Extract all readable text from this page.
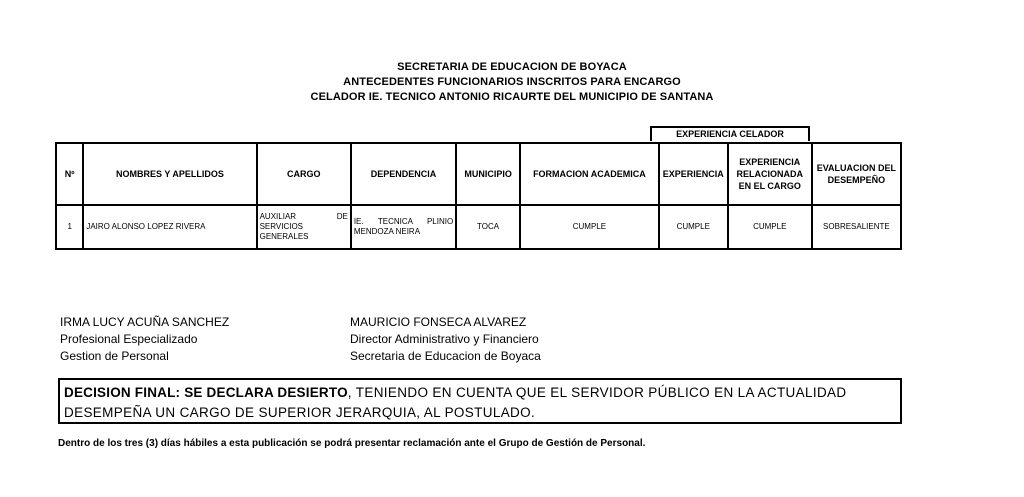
SECRETARIA DE EDUCACION DE BOYACA
ANTECEDENTES FUNCIONARIOS INSCRITOS PARA ENCARGO
CELADOR IE. TECNICO ANTONIO RICAURTE DEL MUNICIPIO DE SANTANA
EXPERIENCIA CELADOR
Nº	NOMBRES Y APELLIDOS	CARGO	DEPENDENCIA	MUNICIPIO	FORMACION ACADEMICA	EXPERIENCIA	EXPERIENCIA RELACIONADA EN EL CARGO	EVALUACION DEL DESEMPEÑO
1	JAIRO ALONSO LOPEZ RIVERA	AUXILIAR DE SERVICIOS GENERALES	IE. TECNICA PLINIO MENDOZA NEIRA	TOCA	CUMPLE	CUMPLE	CUMPLE	SOBRESALIENTE
IRMA LUCY ACUÑA SANCHEZ
Profesional Especializado
Gestion de Personal
MAURICIO FONSECA ALVAREZ
Director Administrativo y Financiero
Secretaria de Educacion de Boyaca
DECISION FINAL: SE DECLARA DESIERTO, TENIENDO EN CUENTA QUE EL SERVIDOR PÚBLICO EN LA ACTUALIDAD DESEMPEÑA UN CARGO DE SUPERIOR JERARQUIA, AL POSTULADO.
Dentro de los tres (3) días hábiles a esta publicación se podrá presentar reclamación ante el Grupo de Gestión de Personal.
